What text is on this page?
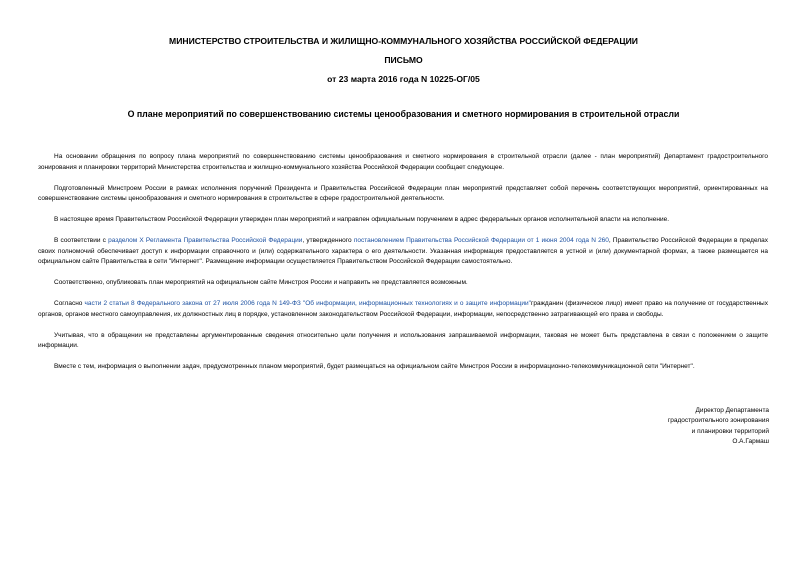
МИНИСТЕРСТВО СТРОИТЕЛЬСТВА И ЖИЛИЩНО-КОММУНАЛЬНОГО ХОЗЯЙСТВА РОССИЙСКОЙ ФЕДЕРАЦИИ
ПИСЬМО
от 23 марта 2016 года N 10225-ОГ/05
О плане мероприятий по совершенствованию системы ценообразования и сметного нормирования в строительной отрасли

На основании обращения по вопросу плана мероприятий по совершенствованию системы ценообразования и сметного нормирования в строительной отрасли (далее - план мероприятий) Департамент градостроительного зонирования и планировки территорий Министерства строительства и жилищно-коммунального хозяйства Российской Федерации сообщает следующее.

Подготовленный Минстроем России в рамках исполнения поручений Президента и Правительства Российской Федерации план мероприятий представляет собой перечень соответствующих мероприятий, ориентированных на совершенствование системы ценообразования и сметного нормирования в строительстве в сфере градостроительной деятельности.

В настоящее время Правительством Российской Федерации утвержден план мероприятий и направлен официальным поручением в адрес федеральных органов исполнительной власти на исполнение.

В соответствии с разделом X Регламента Правительства Российской Федерации, утвержденного постановлением Правительства Российской Федерации от 1 июня 2004 года N 260, Правительство Российской Федерации в пределах своих полномочий обеспечивает доступ к информации справочного и (или) содержательного характера о его деятельности. Указанная информация предоставляется в устной и (или) документарной формах, а также размещается на официальном сайте Правительства в сети "Интернет". Размещение информации осуществляется Правительством Российской Федерации самостоятельно.

Соответственно, опубликовать план мероприятий на официальном сайте Минстроя России и направить не представляется возможным.

Согласно части 2 статьи 8 Федерального закона от 27 июля 2006 года N 149-ФЗ "Об информации, информационных технологиях и о защите информации"гражданин (физическое лицо) имеет право на получение от государственных органов, органов местного самоуправления, их должностных лиц в порядке, установленном законодательством Российской Федерации, информации, непосредственно затрагивающей его права и свободы.

Учитывая, что в обращении не представлены аргументированные сведения относительно цели получения и использования запрашиваемой информации, таковая не может быть представлена в связи с положением о защите информации.

Вместе с тем, информация о выполнении задач, предусмотренных планом мероприятий, будет размещаться на официальном сайте Минстроя России в информационно-телекоммуникационной сети "Интернет".

Директор Департамента
градостроительного зонирования
и планировки территорий
О.А.Гармаш
